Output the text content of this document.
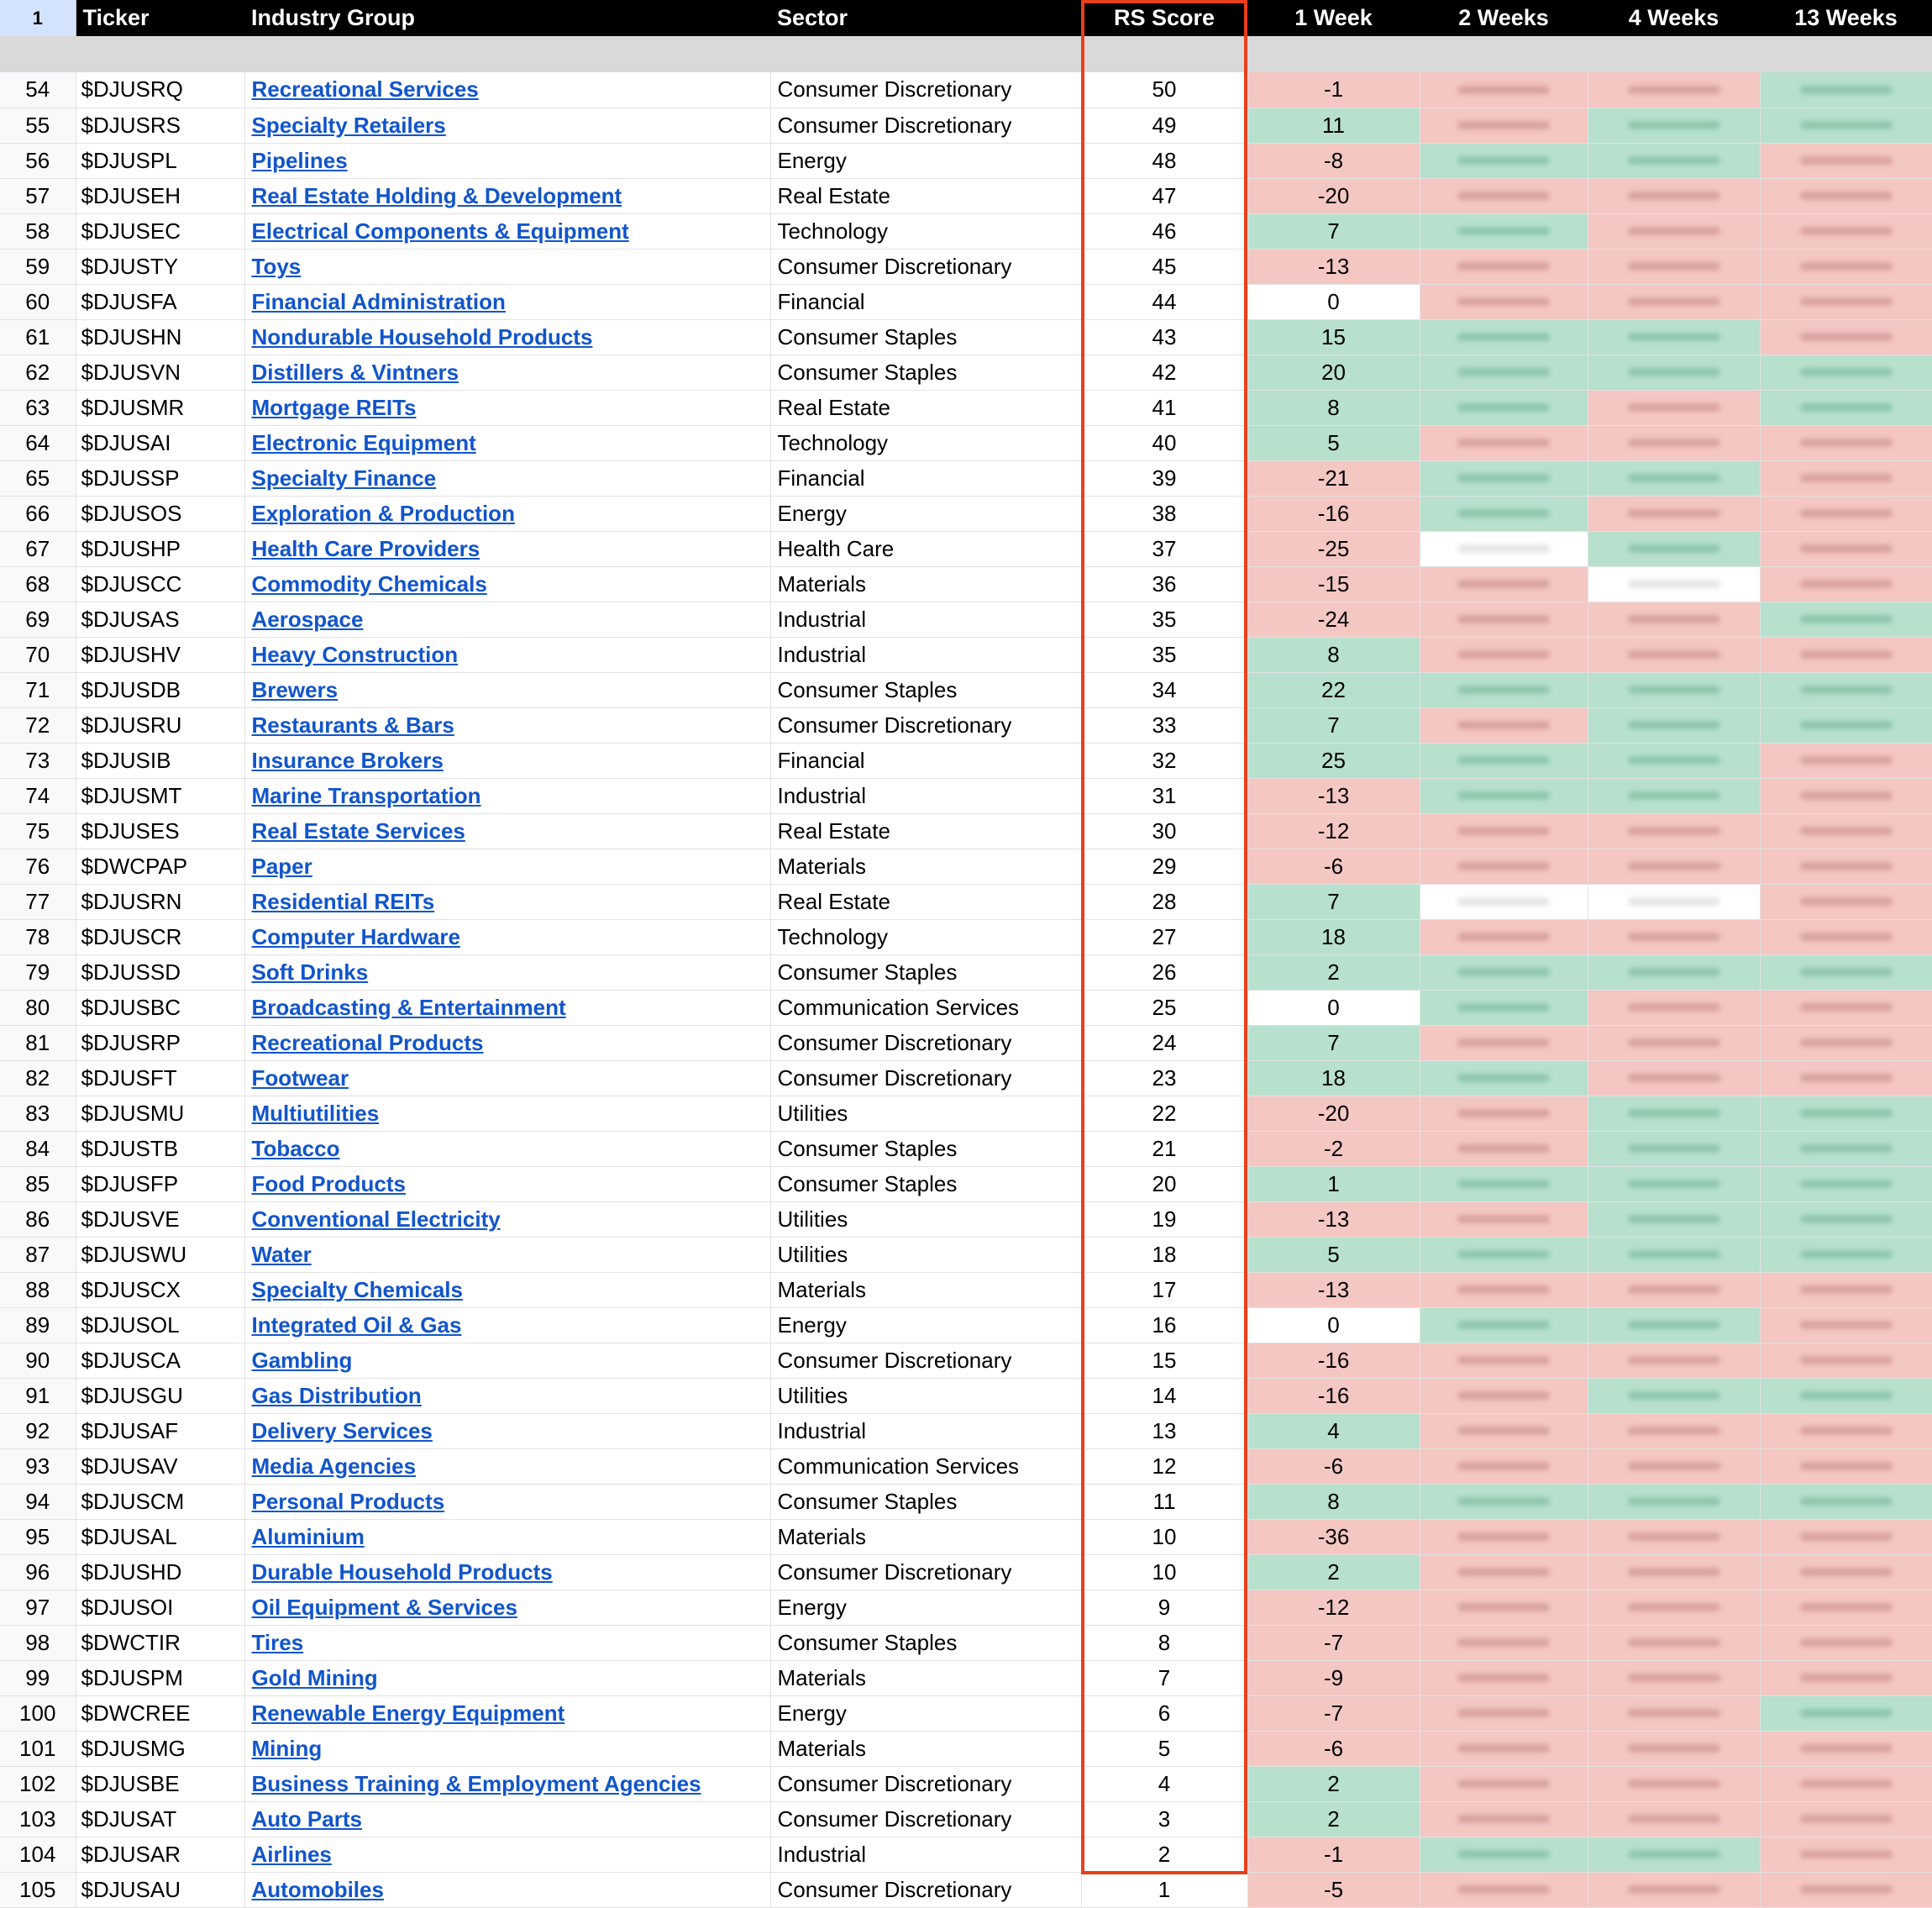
1	Ticker	Industry Group	Sector	RS Score	1 Week	2 Weeks	4 Weeks	13 Weeks

54	$DJUSRQ	Recreational Services	Consumer Discretionary	50	-1	

55	$DJUSRS	Specialty Retailers	Consumer Discretionary	49	11	

56	$DJUSPL	Pipelines	Energy	48	-8	

57	$DJUSEH	Real Estate Holding & Development	Real Estate	47	-20	

58	$DJUSEC	Electrical Components & Equipment	Technology	46	7	

59	$DJUSTY	Toys	Consumer Discretionary	45	-13	

60	$DJUSFA	Financial Administration	Financial	44	0	

61	$DJUSHN	Nondurable Household Products	Consumer Staples	43	15	

62	$DJUSVN	Distillers & Vintners	Consumer Staples	42	20	

63	$DJUSMR	Mortgage REITs	Real Estate	41	8	

64	$DJUSAI	Electronic Equipment	Technology	40	5	

65	$DJUSSP	Specialty Finance	Financial	39	-21	

66	$DJUSOS	Exploration & Production	Energy	38	-16	

67	$DJUSHP	Health Care Providers	Health Care	37	-25	

68	$DJUSCC	Commodity Chemicals	Materials	36	-15	

69	$DJUSAS	Aerospace	Industrial	35	-24	

70	$DJUSHV	Heavy Construction	Industrial	35	8	

71	$DJUSDB	Brewers	Consumer Staples	34	22	

72	$DJUSRU	Restaurants & Bars	Consumer Discretionary	33	7	

73	$DJUSIB	Insurance Brokers	Financial	32	25	

74	$DJUSMT	Marine Transportation	Industrial	31	-13	

75	$DJUSES	Real Estate Services	Real Estate	30	-12	

76	$DWCPAP	Paper	Materials	29	-6	

77	$DJUSRN	Residential REITs	Real Estate	28	7	

78	$DJUSCR	Computer Hardware	Technology	27	18	

79	$DJUSSD	Soft Drinks	Consumer Staples	26	2	

80	$DJUSBC	Broadcasting & Entertainment	Communication Services	25	0	

81	$DJUSRP	Recreational Products	Consumer Discretionary	24	7	

82	$DJUSFT	Footwear	Consumer Discretionary	23	18	

83	$DJUSMU	Multiutilities	Utilities	22	-20	

84	$DJUSTB	Tobacco	Consumer Staples	21	-2	

85	$DJUSFP	Food Products	Consumer Staples	20	1	

86	$DJUSVE	Conventional Electricity	Utilities	19	-13	

87	$DJUSWU	Water	Utilities	18	5	

88	$DJUSCX	Specialty Chemicals	Materials	17	-13	

89	$DJUSOL	Integrated Oil & Gas	Energy	16	0	

90	$DJUSCA	Gambling	Consumer Discretionary	15	-16	

91	$DJUSGU	Gas Distribution	Utilities	14	-16	

92	$DJUSAF	Delivery Services	Industrial	13	4	

93	$DJUSAV	Media Agencies	Communication Services	12	-6	

94	$DJUSCM	Personal Products	Consumer Staples	11	8	

95	$DJUSAL	Aluminium	Materials	10	-36	

96	$DJUSHD	Durable Household Products	Consumer Discretionary	10	2	

97	$DJUSOI	Oil Equipment & Services	Energy	9	-12	

98	$DWCTIR	Tires	Consumer Staples	8	-7	

99	$DJUSPM	Gold Mining	Materials	7	-9	

100	$DWCREE	Renewable Energy Equipment	Energy	6	-7	

101	$DJUSMG	Mining	Materials	5	-6	

102	$DJUSBE	Business Training & Employment Agencies	Consumer Discretionary	4	2	

103	$DJUSAT	Auto Parts	Consumer Discretionary	3	2	

104	$DJUSAR	Airlines	Industrial	2	-1	

105	$DJUSAU	Automobiles	Consumer Discretionary	1	-5	
